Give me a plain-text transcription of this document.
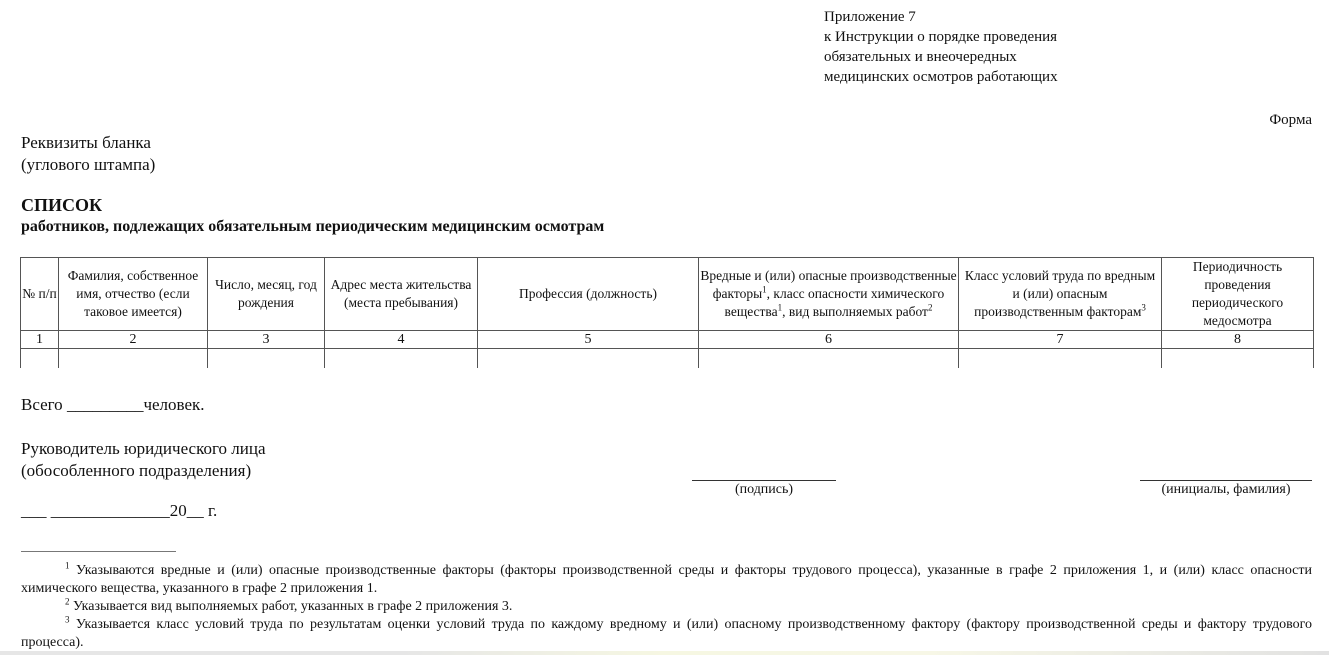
Приложение 7
к Инструкции о порядке проведения
обязательных и внеочередных
медицинских осмотров работающих
Форма
Реквизиты бланка
(углового штампа)
СПИСОК
работников, подлежащих обязательным периодическим медицинским осмотрам
№ п/п	Фамилия, собственное имя, отчество (если таковое имеется)	Число, месяц, год рождения	Адрес места жительства (места пребывания)	Профессия (должность)	Вредные и (или) опасные производственные факторы$^1$, класс опасности химического вещества$^1$, вид выполняемых работ$^2$	Класс условий труда по вредным и (или) опасным производственным факторам$^3$	Периодичность проведения периодического медосмотра
1	2	3	4	5	6	7	8

Всего _________человек.
Руководитель юридического лица
(обособленного подразделения)
(подпись)	(инициалы, фамилия)
___ ______________20__ г.
$^1$ Указываются вредные и (или) опасные производственные факторы (факторы производственной среды и факторы трудового процесса), указанные в графе 2 приложения 1, и (или) класс опасности химического вещества, указанного в графе 2 приложения 1.
$^2$ Указывается вид выполняемых работ, указанных в графе 2 приложения 3.
$^3$ Указывается класс условий труда по результатам оценки условий труда по каждому вредному и (или) опасному производственному фактору (фактору производственной среды и фактору трудового процесса).
